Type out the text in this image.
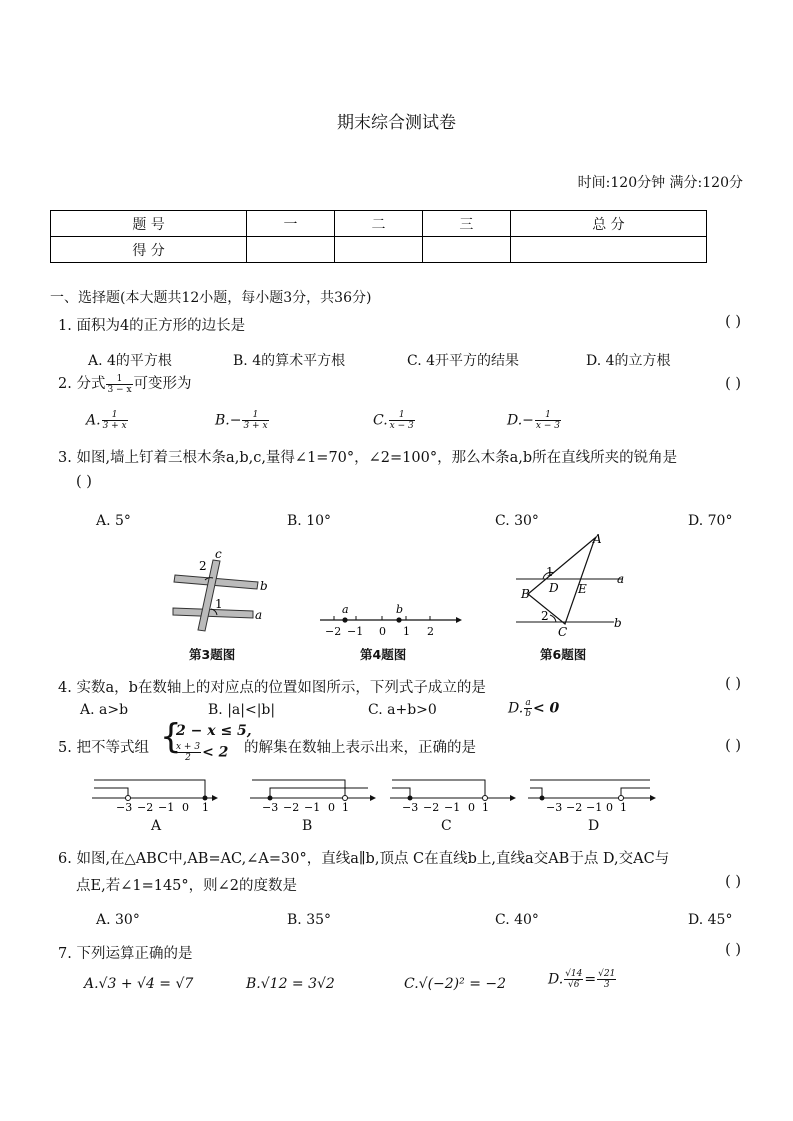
期末综合测试卷
时间:120分钟 满分:120分
题 号	一	二	三	总 分
得 分				
一、选择题(本大题共12小题，每小题3分，共36分)
1. 面积为4的正方形的边长是	( )
A. 4的平方根	B. 4的算术平方根	C. 4开平方的结果	D. 4的立方根
2. 分式 $\frac{1}{3 - x}$ 可变形为	( )
A. $\frac{1}{3 + x}$	$B.- \frac{1}{3 + x}$	C. $\frac{1}{x - 3}$	$D.- \frac{1}{x - 3}$
3. 如图,墙上钉着三根木条a,b,c,量得∠1=70°，∠2=100°，那么木条a,b所在直线所夹的锐角是
( )
A. 5°	B. 10°	C. 30°	D. 70°
c
b
a
2
1
第3题图
a	b
−2 −1 0 1 2
第4题图
A
B
C
D E
a
b
1
2
第6题图
4. 实数a，b在数轴上的对应点的位置如图所示，下列式子成立的是	( )
A. a>b	B. |a|<|b|	C. a+b>0	D. $\frac{a}{b} < 0$
5. 把不等式组 {
2 − x ≤ 5,
$\frac{x + 3}{2} < 2$ 的解集在数轴上表示出来，正确的是	( )
−3 −2 −1 0 1	−3 −2 −1 0 1	−3 −2 −1 0 1	−3 −2 −1 0 1
A	B	C	D
6. 如图,在△ABC中,AB=AC,∠A=30°，直线a∥b,顶点 C在直线b上,直线a交AB于点 D,交AC与
点E,若∠1=145°，则∠2的度数是	( )
A. 30°	B. 35°	C. 40°	D. 45°
7. 下列运算正确的是	( )
A.√3 + √4 = √7	B.√12 = 3√2	C.√(−2)² = −2	D. $\frac{√14}{√6} = \frac{√21}{3}$
